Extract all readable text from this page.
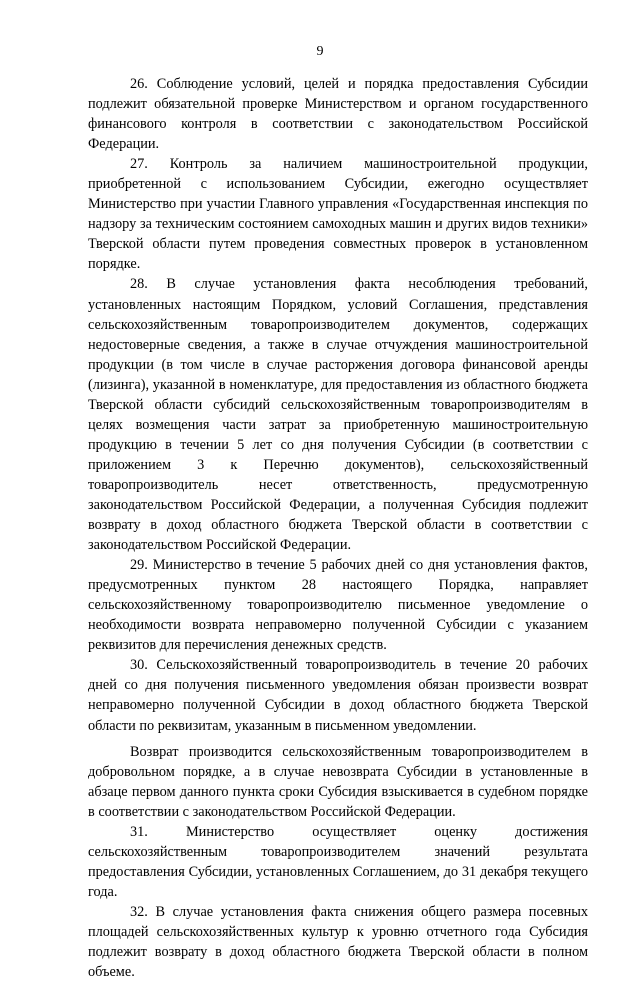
9

26. Соблюдение условий, целей и порядка предоставления Субсидии подлежит обязательной проверке Министерством и органом государственного финансового контроля в соответствии с законодательством Российской Федерации.

27. Контроль за наличием машиностроительной продукции, приобретенной с использованием Субсидии, ежегодно осуществляет Министерство при участии Главного управления «Государственная инспекция по надзору за техническим состоянием самоходных машин и других видов техники» Тверской области путем проведения совместных проверок в установленном порядке.

28. В случае установления факта несоблюдения требований, установленных настоящим Порядком, условий Соглашения, представления сельскохозяйственным товаропроизводителем документов, содержащих недостоверные сведения, а также в случае отчуждения машиностроительной продукции (в том числе в случае расторжения договора финансовой аренды (лизинга), указанной в номенклатуре, для предоставления из областного бюджета Тверской области субсидий сельскохозяйственным товаропроизводителям в целях возмещения части затрат за приобретенную машиностроительную продукцию в течении 5 лет со дня получения Субсидии (в соответствии с приложением 3 к Перечню документов), сельскохозяйственный товаропроизводитель несет ответственность, предусмотренную законодательством Российской Федерации, а полученная Субсидия подлежит возврату в доход областного бюджета Тверской области в соответствии с законодательством Российской Федерации.

29. Министерство в течение 5 рабочих дней со дня установления фактов, предусмотренных пунктом 28 настоящего Порядка, направляет сельскохозяйственному товаропроизводителю письменное уведомление о необходимости возврата неправомерно полученной Субсидии с указанием реквизитов для перечисления денежных средств.

30. Сельскохозяйственный товаропроизводитель в течение 20 рабочих дней со дня получения письменного уведомления обязан произвести возврат неправомерно полученной Субсидии в доход областного бюджета Тверской области по реквизитам, указанным в письменном уведомлении.

Возврат производится сельскохозяйственным товаропроизводителем в добровольном порядке, а в случае невозврата Субсидии в установленные в абзаце первом данного пункта сроки Субсидия взыскивается в судебном порядке в соответствии с законодательством Российской Федерации.

31. Министерство осуществляет оценку достижения сельскохозяйственным товаропроизводителем значений результата предоставления Субсидии, установленных Соглашением, до 31 декабря текущего года.

32. В случае установления факта снижения общего размера посевных площадей сельскохозяйственных культур к уровню отчетного года Субсидия подлежит возврату в доход областного бюджета Тверской области в полном объеме.
